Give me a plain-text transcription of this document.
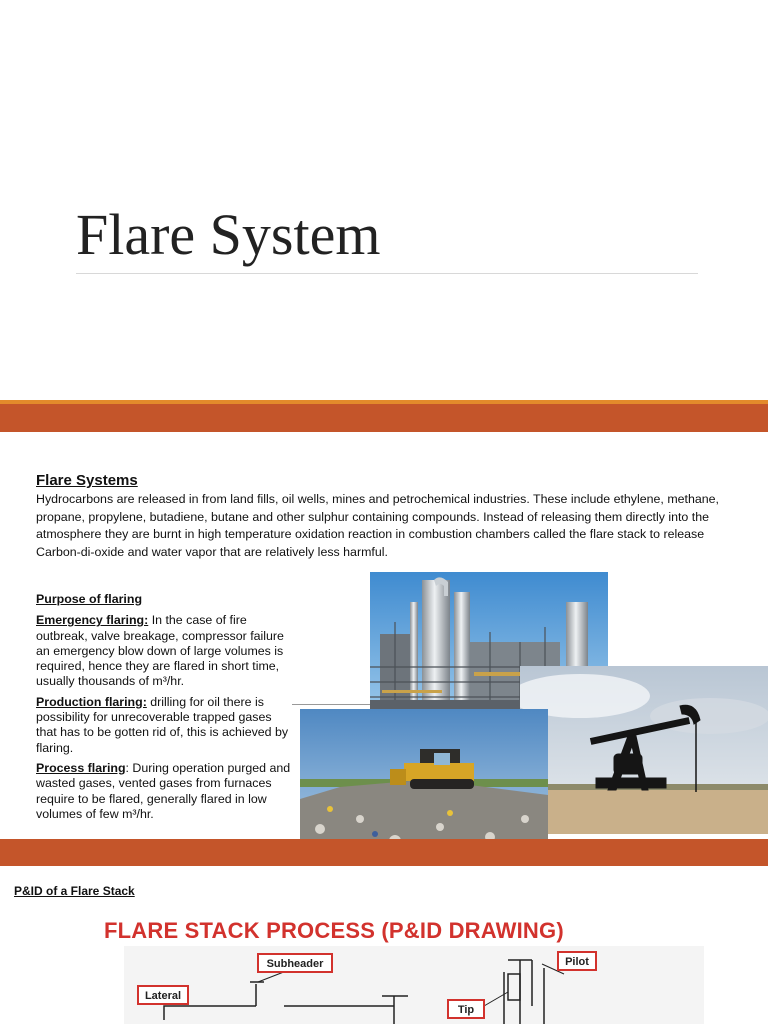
Flare System
Flare Systems
Hydrocarbons are released in from land fills, oil wells, mines and petrochemical industries. These include ethylene, methane, propane, propylene, butadiene, butane and other sulphur containing compounds. Instead of releasing them directly into the atmosphere they are burnt in high temperature oxidation reaction in combustion chambers called the flare stack to release Carbon-di-oxide and water vapor that are relatively less harmful.
Purpose of flaring

Emergency flaring: In the case of fire outbreak, valve breakage, compressor failure an emergency blow down of large volumes is required, hence they are flared in short time, usually thousands of m³/hr.

Production flaring: drilling for oil there is possibility for unrecoverable trapped gases that has to be gotten rid of, this is achieved by flaring.

Process flaring: During operation purged and wasted gases, vented gases from furnaces require to be flared, generally flared in low volumes of few m³/hr.

P&ID of a Flare Stack
FLARE STACK PROCESS (P&ID DRAWING)
Subheader	Pilot
Lateral
Tip
